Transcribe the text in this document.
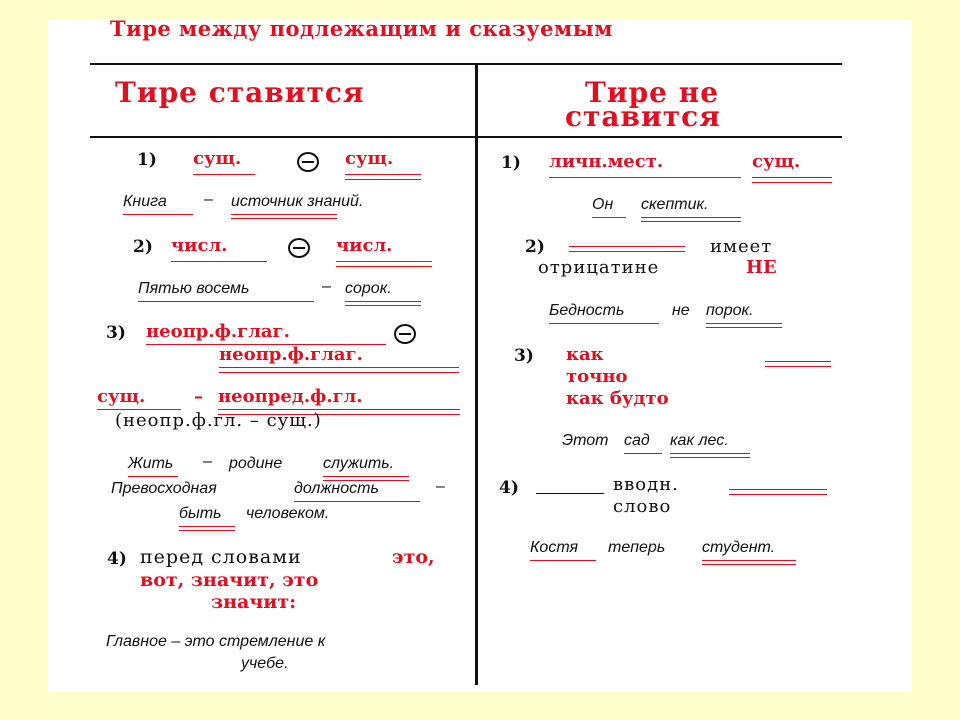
Тире между подлежащим и сказуемым
Тире ставится	Тире не
ставится
1) сущ.	сущ.
Книга – источник знаний.
2) числ.	числ.
Пятью восемь	– сорок.
3) неопр.ф.глаг.
неопр.ф.глаг.
сущ.	– неопред.ф.гл.
(неопр.ф.гл. – сущ.)
Жить – родине	служить.
Превосходная	должность	–
быть человеком.
4) перед словами	это,
вот, значит, это
значит:
Главное – это стремление к
учебе.
1) личн.мест.	сущ.
Он скептик.
2)	имеет
отрицатине	НЕ
Бедность	не порок.
3) как
точно
как будто
Этот сад как лес.
4)	вводн.
слово
Костя теперь студент.
